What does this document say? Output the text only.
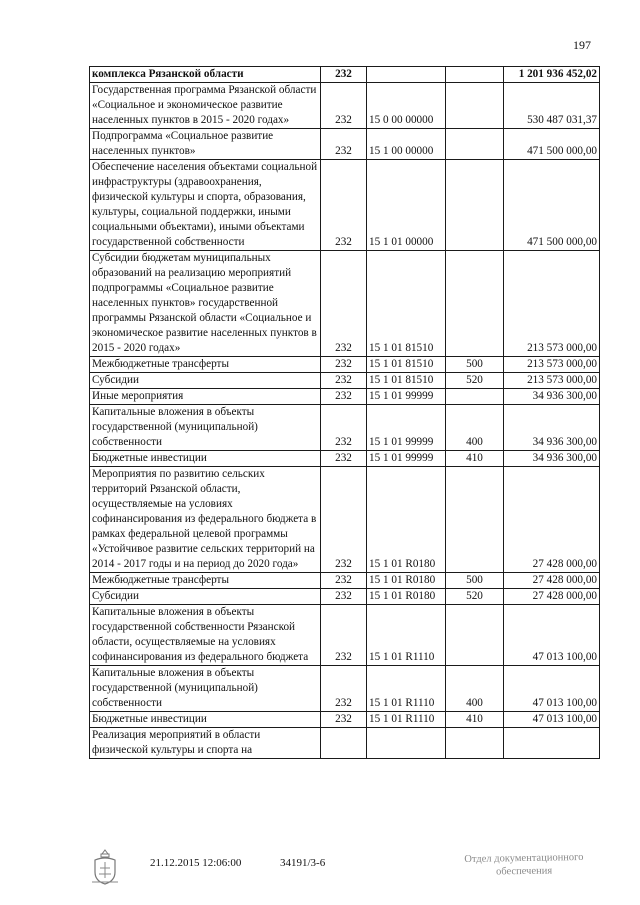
197
комплекса Рязанской области	232			1 201 936 452,02
Государственная программа Рязанской области «Социальное и экономическое развитие населенных пунктов в 2015 - 2020 годах»	232	15 0 00 00000		530 487 031,37
Подпрограмма «Социальное развитие населенных пунктов»	232	15 1 00 00000		471 500 000,00
Обеспечение населения объектами социальной инфраструктуры (здравоохранения, физической культуры и спорта, образования, культуры, социальной поддержки, иными социальными объектами), иными объектами государственной собственности	232	15 1 01 00000		471 500 000,00
Субсидии бюджетам муниципальных образований на реализацию мероприятий подпрограммы «Социальное развитие населенных пунктов» государственной программы Рязанской области «Социальное и экономическое развитие населенных пунктов в 2015 - 2020 годах»	232	15 1 01 81510		213 573 000,00
Межбюджетные трансферты	232	15 1 01 81510	500	213 573 000,00
Субсидии	232	15 1 01 81510	520	213 573 000,00
Иные мероприятия	232	15 1 01 99999		34 936 300,00
Капитальные вложения в объекты государственной (муниципальной) собственности	232	15 1 01 99999	400	34 936 300,00
Бюджетные инвестиции	232	15 1 01 99999	410	34 936 300,00
Мероприятия по развитию сельских территорий Рязанской области, осуществляемые на условиях софинансирования из федерального бюджета в рамках федеральной целевой программы «Устойчивое развитие сельских территорий на 2014 - 2017 годы и на период до 2020 года»	232	15 1 01 R0180		27 428 000,00
Межбюджетные трансферты	232	15 1 01 R0180	500	27 428 000,00
Субсидии	232	15 1 01 R0180	520	27 428 000,00
Капитальные вложения в объекты государственной собственности Рязанской области, осуществляемые на условиях софинансирования из федерального бюджета	232	15 1 01 R1110		47 013 100,00
Капитальные вложения в объекты государственной (муниципальной) собственности	232	15 1 01 R1110	400	47 013 100,00
Бюджетные инвестиции	232	15 1 01 R1110	410	47 013 100,00
Реализация мероприятий в области физической культуры и спорта на				
21.12.2015 12:06:00	34191/3-6	Отдел документационного
обеспечения
